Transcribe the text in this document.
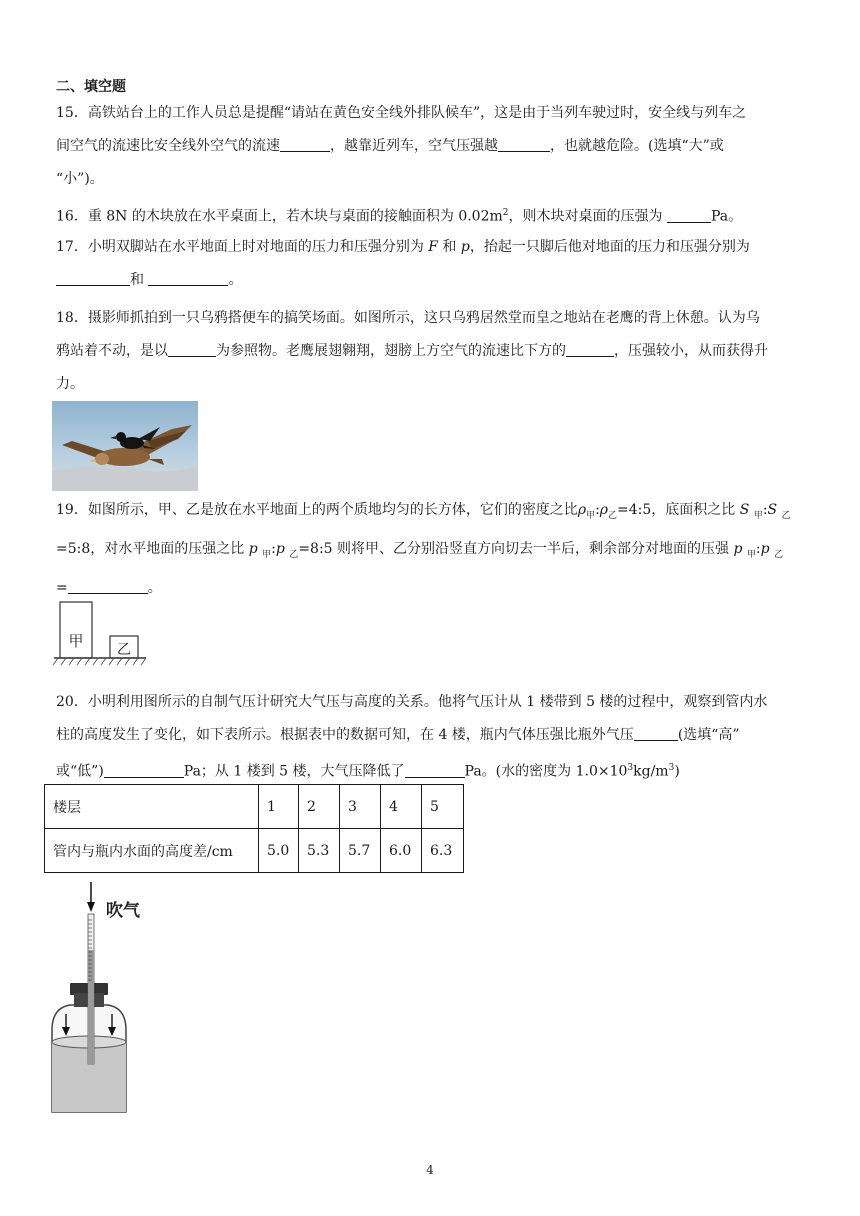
二、填空题
15．高铁站台上的工作人员总是提醒“请站在黄色安全线外排队候车”，这是由于当列车驶过时，安全线与列车之
间空气的流速比安全线外空气的流速	，越靠近列车，空气压强越	，也就越危险。(选填“大”或
“小”)。
16．重 8N 的木块放在水平桌面上，若木块与桌面的接触面积为 $0.02m^2$，则木块对桌面的压强为	Pa。
17．小明双脚站在水平地面上时对地面的压力和压强分别为 F 和 p，抬起一只脚后他对地面的压力和压强分别为
和	。
18．摄影师抓拍到一只乌鸦搭便车的搞笑场面。如图所示，这只乌鸦居然堂而皇之地站在老鹰的背上休憩。认为乌
鸦站着不动，是以	为参照物。老鹰展翅翱翔，翅膀上方空气的流速比下方的	，压强较小，从而获得升
力。
19．如图所示，甲、乙是放在水平地面上的两个质地均匀的长方体，它们的密度之比$\rho_甲:\rho_乙=4:5$，底面积之比 S $_甲$:S $_乙$
=5:8，对水平地面的压强之比 p $_甲$:p $_乙$=8:5 则将甲、乙分别沿竖直方向切去一半后，剩余部分对地面的压强 p $_甲$:p $_乙$
=	。
甲 乙
20．小明利用图所示的自制气压计研究大气压与高度的关系。他将气压计从 1 楼带到 5 楼的过程中，观察到管内水
柱的高度发生了变化，如下表所示。根据表中的数据可知，在 4 楼，瓶内气体压强比瓶外气压	(选填“高”
或“低”)	Pa；从 1 楼到 5 楼，大气压降低了	Pa。(水的密度为 $1.0\times 10^3kg/m^3$)
楼层	1	2	3	4	5
管内与瓶内水面的高度差/cm	5.0	5.3	5.7	6.0	6.3
吹气
4
